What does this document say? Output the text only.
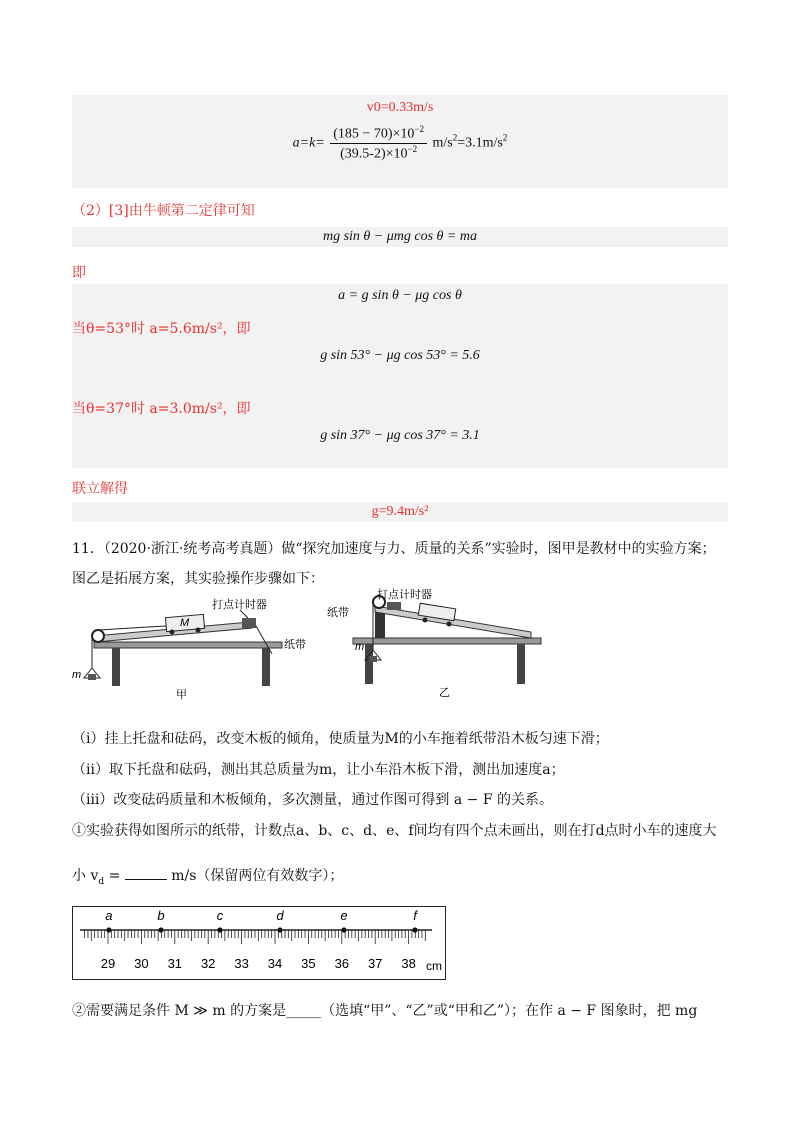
v0=0.33m/s
$a=k= \frac{(185 - 70)\times 10^{-2}}{(39.5-2)\times 10^{-2}} m/s^2=3.1m/s^2$
（2）[3]由牛顿第二定律可知
mg sin θ − μmg cos θ = ma
即
a = g sin θ − μg cos θ
当θ=53°时 a=5.6m/s²，即
g sin 53° − μg cos 53° = 5.6
当θ=37°时 a=3.0m/s²，即
g sin 37° − μg cos 37° = 3.1
联立解得
g=9.4m/s²
11．（2020·浙江·统考高考真题）做“探究加速度与力、质量的关系”实验时，图甲是教材中的实验方案；
图乙是拓展方案，其实验操作步骤如下：
M
m
打点计时器
纸带
甲
m
纸带
打点计时器
乙
（ⅰ）挂上托盘和砝码，改变木板的倾角，使质量为M的小车拖着纸带沿木板匀速下滑；
（ⅱ）取下托盘和砝码，测出其总质量为m，让小车沿木板下滑，测出加速度a；
（ⅲ）改变砝码质量和木板倾角，多次测量，通过作图可得到 a − F 的关系。
①实验获得如图所示的纸带，计数点a、b、c、d、e、f间均有四个点未画出，则在打d点时小车的速度大
小 $v_d$ =	m/s（保留两位有效数字）；
a	b	c	d	e	f
29 30 31 32 33 34 35 36 37 38 cm
②需要满足条件 M ≫ m 的方案是_____（选填“甲”、“乙”或“甲和乙”）；在作 a − F 图象时，把 mg
